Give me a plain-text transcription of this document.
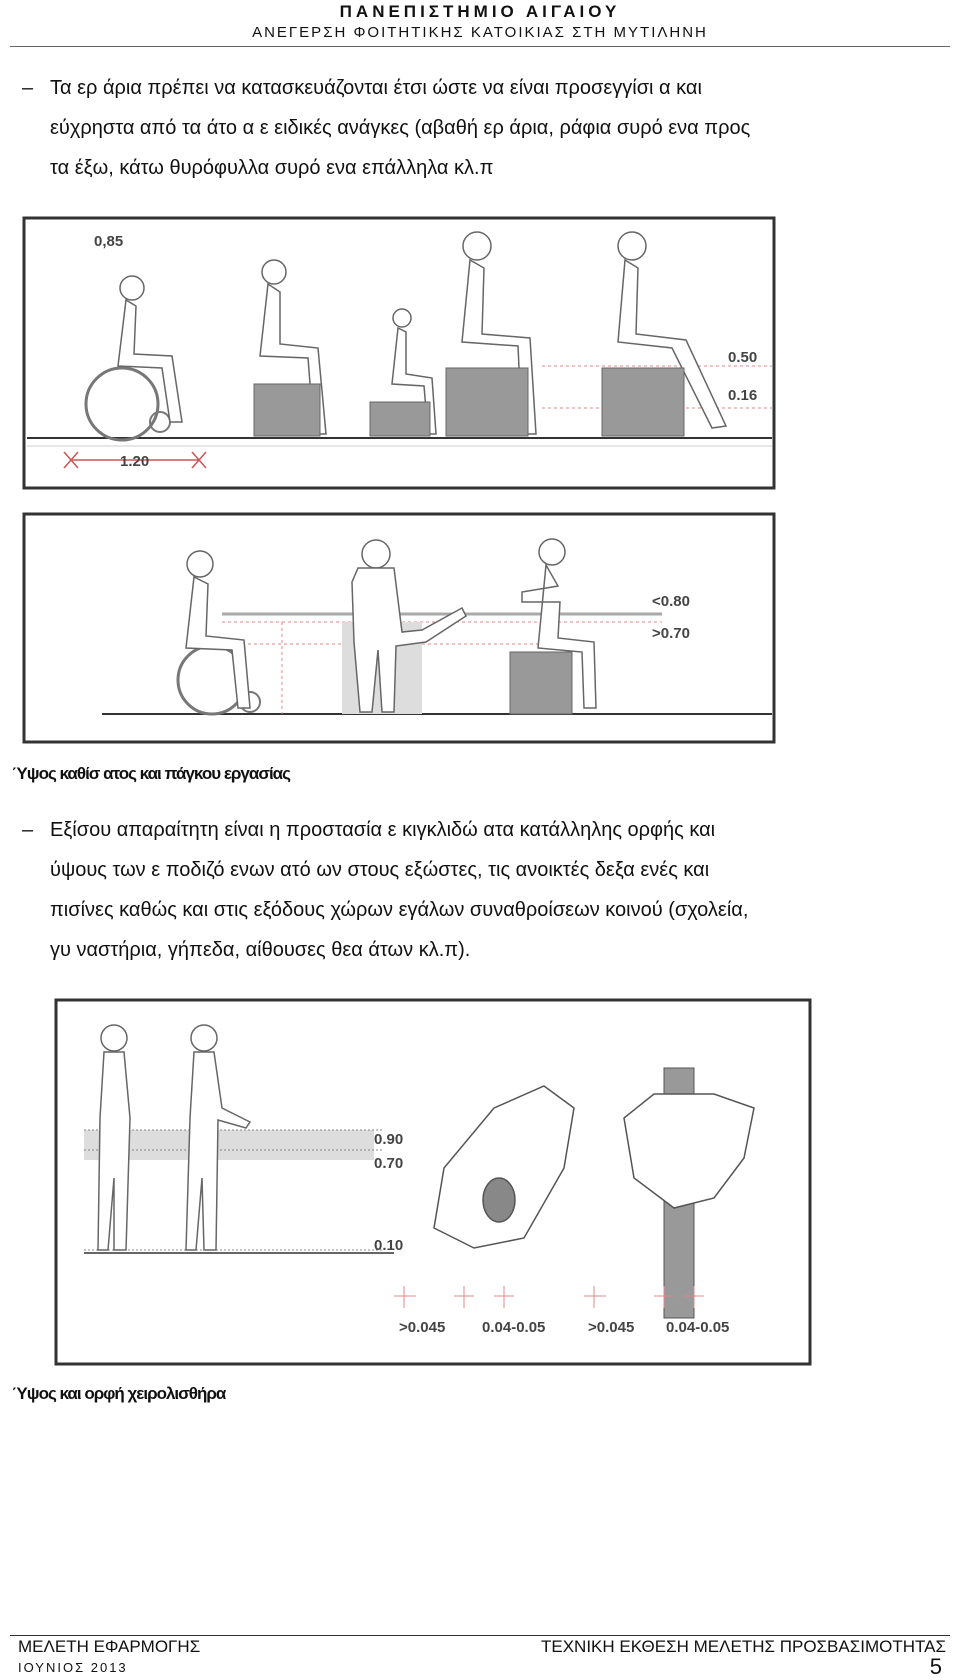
ΠΑΝΕΠΙΣΤΗΜΙΟ ΑΙΓΑΙΟΥ
ΑΝΕΓΕΡΣΗ ΦΟΙΤΗΤΙΚΗΣ ΚΑΤΟΙΚΙΑΣ ΣΤΗ ΜΥΤΙΛΗΝΗ
– Τα ερ άρια πρέπει να κατασκευάζονται έτσι ώστε να είναι προσεγγίσι α και
εύχρηστα από τα άτο α ε ειδικές ανάγκες (αβαθή ερ άρια, ράφια συρό ενα προς
τα έξω, κάτω θυρόφυλλα συρό ενα επάλληλα κλ.π
0,85
0.50
0.16
1.20
<0.80
>0.70
Ύψος καθίσ ατος και πάγκου εργασίας
– Εξίσου απαραίτητη είναι η προστασία ε κιγκλιδώ ατα κατάλληλης ορφής και
ύψους των ε ποδιζό ενων ατό ων στους εξώστες, τις ανοικτές δεξα ενές και
πισίνες καθώς και στις εξόδους χώρων εγάλων συναθροίσεων κοινού (σχολεία,
γυ ναστήρια, γήπεδα, αίθουσες θεα άτων κλ.π).
0.90
0.70
0.10
>0.045 0.04-0.05	>0.045 0.04-0.05
Ύψος και ορφή χειρολισθήρα
ΜΕΛΕΤΗ ΕΦΑΡΜΟΓΗΣ	ΤΕΧΝΙΚΗ ΕΚΘΕΣΗ ΜΕΛΕΤΗΣ ΠΡΟΣΒΑΣΙΜΟΤΗΤΑΣ
ΙΟΥΝΙΟΣ 2013	5
